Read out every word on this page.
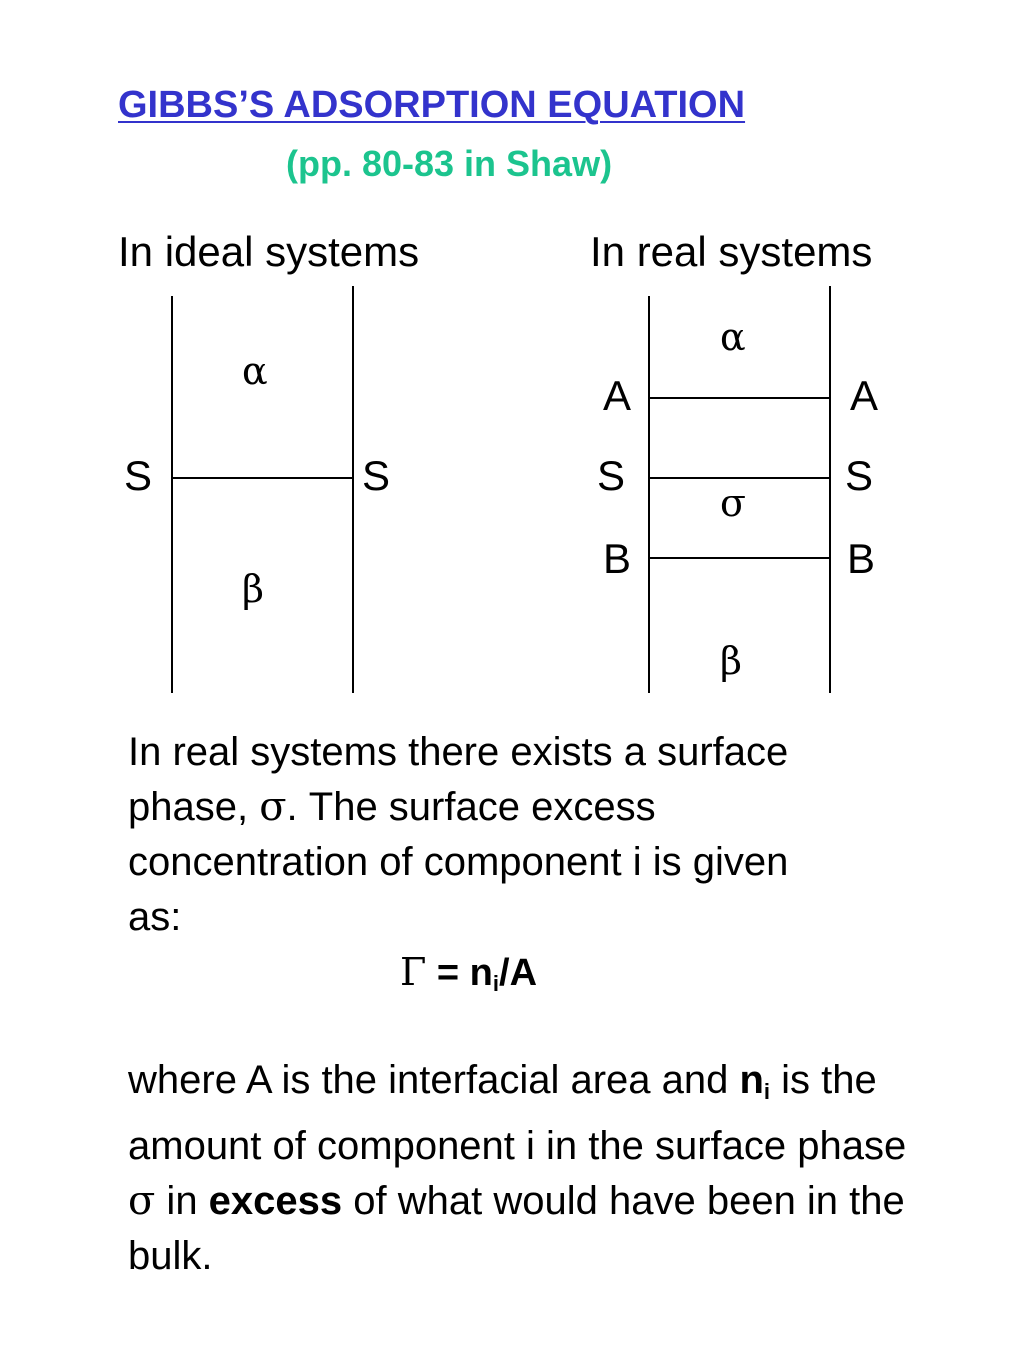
GIBBS’S ADSORPTION EQUATION
(pp. 80-83 in Shaw)
In ideal systems
α
β
S	S
In real systems
α
σ
β
A	A
S	S
B	B
In real systems there exists a surface
phase, σ. The surface excess
concentration of component i is given
as:
$\Gamma = n_i/A$
where A is the interfacial area and $n_i$ is the amount of component i in the surface phase σ in excess of what would have been in the bulk.
